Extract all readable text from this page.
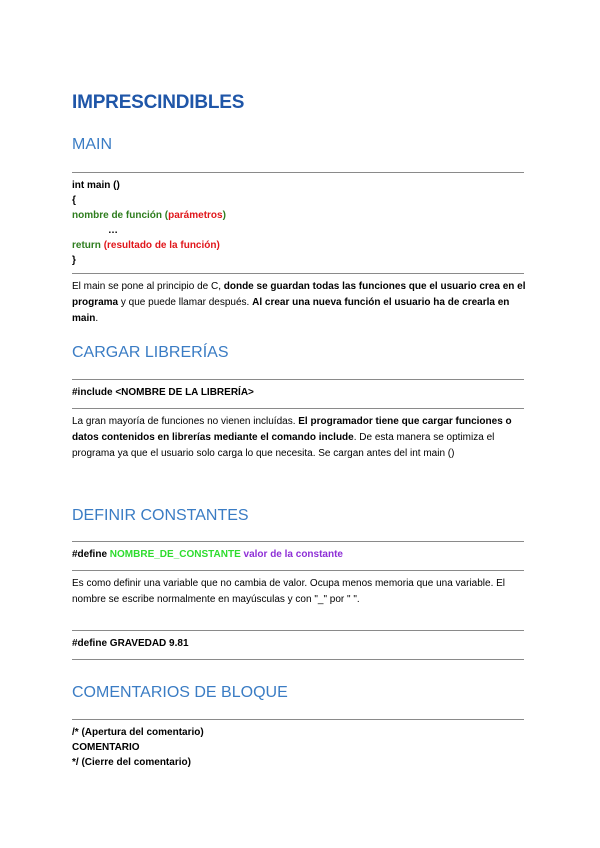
IMPRESCINDIBLES
MAIN
int main ()
{
nombre de función (parámetros)
…
return (resultado de la función)
}

El main se pone al principio de C, donde se guardan todas las funciones que el usuario crea en el programa y que puede llamar después. Al crear una nueva función el usuario ha de crearla en main.

CARGAR LIBRERÍAS
#include <NOMBRE DE LA LIBRERÍA>

La gran mayoría de funciones no vienen incluídas. El programador tiene que cargar funciones o datos contenidos en librerías mediante el comando include. De esta manera se optimiza el programa ya que el usuario solo carga lo que necesita. Se cargan antes del int main ()

DEFINIR CONSTANTES
#define NOMBRE_DE_CONSTANTE valor de la constante

Es como definir una variable que no cambia de valor. Ocupa menos memoria que una variable. El nombre se escribe normalmente en mayúsculas y con "_" por " ".

#define GRAVEDAD 9.81
COMENTARIOS DE BLOQUE
/* (Apertura del comentario)
COMENTARIO
*/ (Cierre del comentario)
